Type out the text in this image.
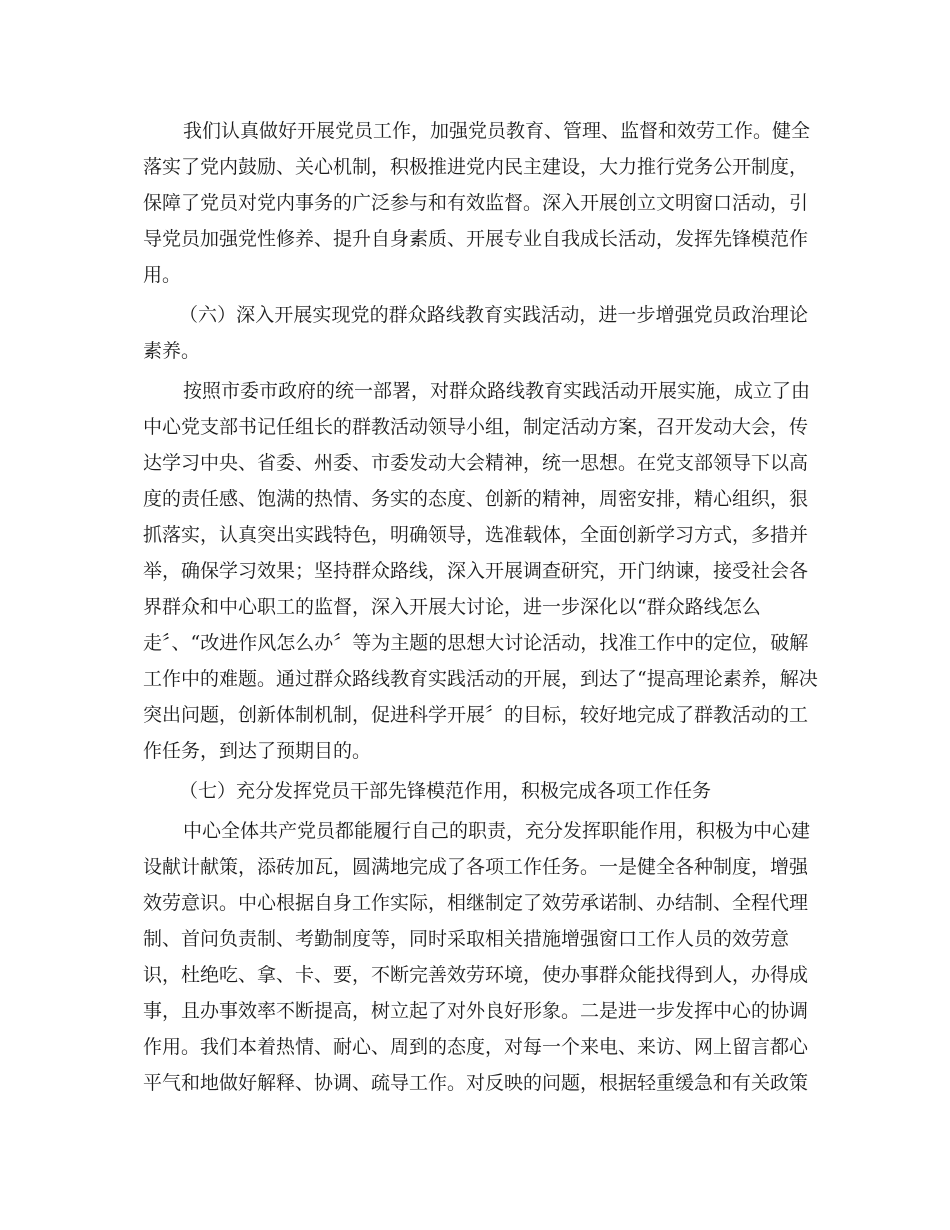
我们认真做好开展党员工作，加强党员教育、管理、监督和效劳工作。健全
落实了党内鼓励、关心机制，积极推进党内民主建设，大力推行党务公开制度，
保障了党员对党内事务的广泛参与和有效监督。深入开展创立文明窗口活动，引
导党员加强党性修养、提升自身素质、开展专业自我成长活动，发挥先锋模范作
用。
（六）深入开展实现党的群众路线教育实践活动，进一步增强党员政治理论
素养。
按照市委市政府的统一部署，对群众路线教育实践活动开展实施，成立了由
中心党支部书记任组长的群教活动领导小组，制定活动方案，召开发动大会，传
达学习中央、省委、州委、市委发动大会精神，统一思想。在党支部领导下以高
度的责任感、饱满的热情、务实的态度、创新的精神，周密安排，精心组织，狠
抓落实，认真突出实践特色，明确领导，选准载体，全面创新学习方式，多措并
举，确保学习效果；坚持群众路线，深入开展调查研究，开门纳谏，接受社会各
界群众和中心职工的监督，深入开展大讨论，进一步深化以“群众路线怎么
走〞、“改进作风怎么办〞等为主题的思想大讨论活动，找准工作中的定位，破解
工作中的难题。通过群众路线教育实践活动的开展，到达了“提高理论素养，解决
突出问题，创新体制机制，促进科学开展〞的目标，较好地完成了群教活动的工
作任务，到达了预期目的。
（七）充分发挥党员干部先锋模范作用，积极完成各项工作任务
中心全体共产党员都能履行自己的职责，充分发挥职能作用，积极为中心建
设献计献策，添砖加瓦，圆满地完成了各项工作任务。一是健全各种制度，增强
效劳意识。中心根据自身工作实际，相继制定了效劳承诺制、办结制、全程代理
制、首问负责制、考勤制度等，同时采取相关措施增强窗口工作人员的效劳意
识，杜绝吃、拿、卡、要，不断完善效劳环境，使办事群众能找得到人，办得成
事，且办事效率不断提高，树立起了对外良好形象。二是进一步发挥中心的协调
作用。我们本着热情、耐心、周到的态度，对每一个来电、来访、网上留言都心
平气和地做好解释、协调、疏导工作。对反映的问题，根据轻重缓急和有关政策
